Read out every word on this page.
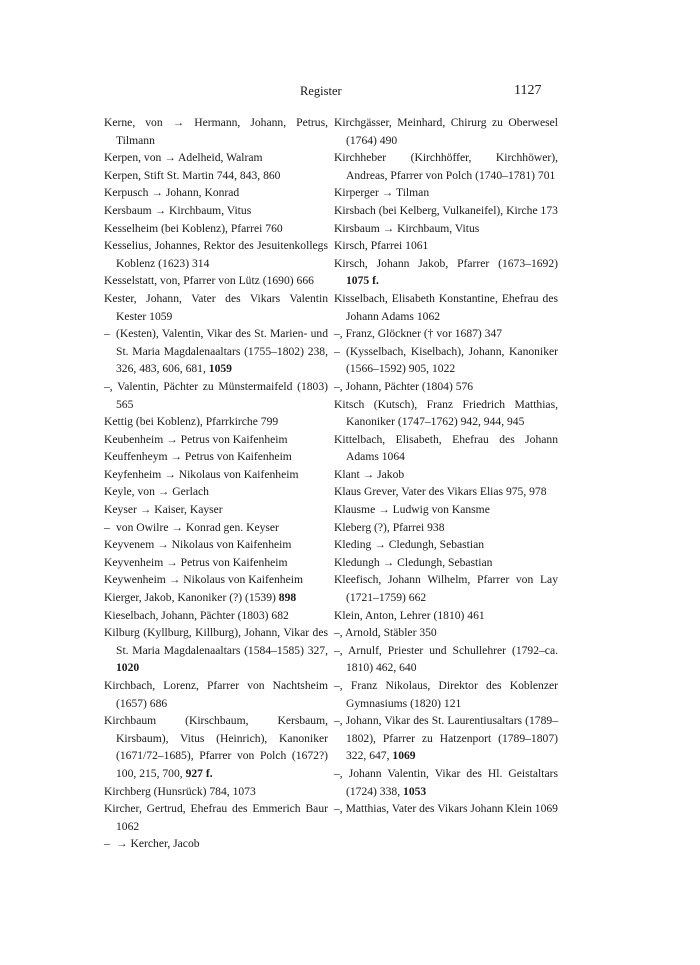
Register	1127

Kerne, von → Hermann, Johann, Petrus, Tilmann

Kerpen, von → Adelheid, Walram

Kerpen, Stift St. Martin 744, 843, 860

Kerpusch → Johann, Konrad

Kersbaum → Kirchbaum, Vitus

Kesselheim (bei Koblenz), Pfarrei 760

Kesselius, Johannes, Rektor des Jesuitenkollegs Koblenz (1623) 314

Kesselstatt, von, Pfarrer von Lütz (1690) 666

Kester, Johann, Vater des Vikars Valentin Kester 1059

– (Kesten), Valentin, Vikar des St. Marien- und St. Maria Magdalenaaltars (1755–1802) 238, 326, 483, 606, 681, 1059

–, Valentin, Pächter zu Münstermaifeld (1803) 565

Kettig (bei Koblenz), Pfarrkirche 799

Keubenheim → Petrus von Kaifenheim

Keuffenheym → Petrus von Kaifenheim

Keyfenheim → Nikolaus von Kaifenheim

Keyle, von → Gerlach

Keyser → Kaiser, Kayser

– von Owilre → Konrad gen. Keyser

Keyvenem → Nikolaus von Kaifenheim

Keyvenheim → Petrus von Kaifenheim

Keywenheim → Nikolaus von Kaifenheim

Kierger, Jakob, Kanoniker (?) (1539) 898

Kieselbach, Johann, Pächter (1803) 682

Kilburg (Kyllburg, Killburg), Johann, Vikar des St. Maria Magdalenaaltars (1584–1585) 327, 1020

Kirchbach, Lorenz, Pfarrer von Nachtsheim (1657) 686

Kirchbaum (Kirschbaum, Kersbaum, Kirsbaum), Vitus (Heinrich), Kanoniker (1671/72–1685), Pfarrer von Polch (1672?) 100, 215, 700, 927 f.

Kirchberg (Hunsrück) 784, 1073

Kircher, Gertrud, Ehefrau des Emmerich Baur 1062

– → Kercher, Jacob

Kirchgässer, Meinhard, Chirurg zu Oberwesel (1764) 490

Kirchheber (Kirchhöffer, Kirchhöwer), Andreas, Pfarrer von Polch (1740–1781) 701

Kirperger → Tilman

Kirsbach (bei Kelberg, Vulkaneifel), Kirche 173

Kirsbaum → Kirchbaum, Vitus

Kirsch, Pfarrei 1061

Kirsch, Johann Jakob, Pfarrer (1673–1692) 1075 f.

Kisselbach, Elisabeth Konstantine, Ehefrau des Johann Adams 1062

–, Franz, Glöckner († vor 1687) 347

– (Kysselbach, Kiselbach), Johann, Kanoniker (1566–1592) 905, 1022

–, Johann, Pächter (1804) 576

Kitsch (Kutsch), Franz Friedrich Matthias, Kanoniker (1747–1762) 942, 944, 945

Kittelbach, Elisabeth, Ehefrau des Johann Adams 1064

Klant → Jakob

Klaus Grever, Vater des Vikars Elias 975, 978

Klausme → Ludwig von Kansme

Kleberg (?), Pfarrei 938

Kleding → Cledungh, Sebastian

Kledungh → Cledungh, Sebastian

Kleefisch, Johann Wilhelm, Pfarrer von Lay (1721–1759) 662

Klein, Anton, Lehrer (1810) 461

–, Arnold, Stäbler 350

–, Arnulf, Priester und Schullehrer (1792–ca. 1810) 462, 640

–, Franz Nikolaus, Direktor des Koblenzer Gymnasiums (1820) 121

–, Johann, Vikar des St. Laurentiusaltars (1789–1802), Pfarrer zu Hatzenport (1789–1807) 322, 647, 1069

–, Johann Valentin, Vikar des Hl. Geistaltars (1724) 338, 1053

–, Matthias, Vater des Vikars Johann Klein 1069
